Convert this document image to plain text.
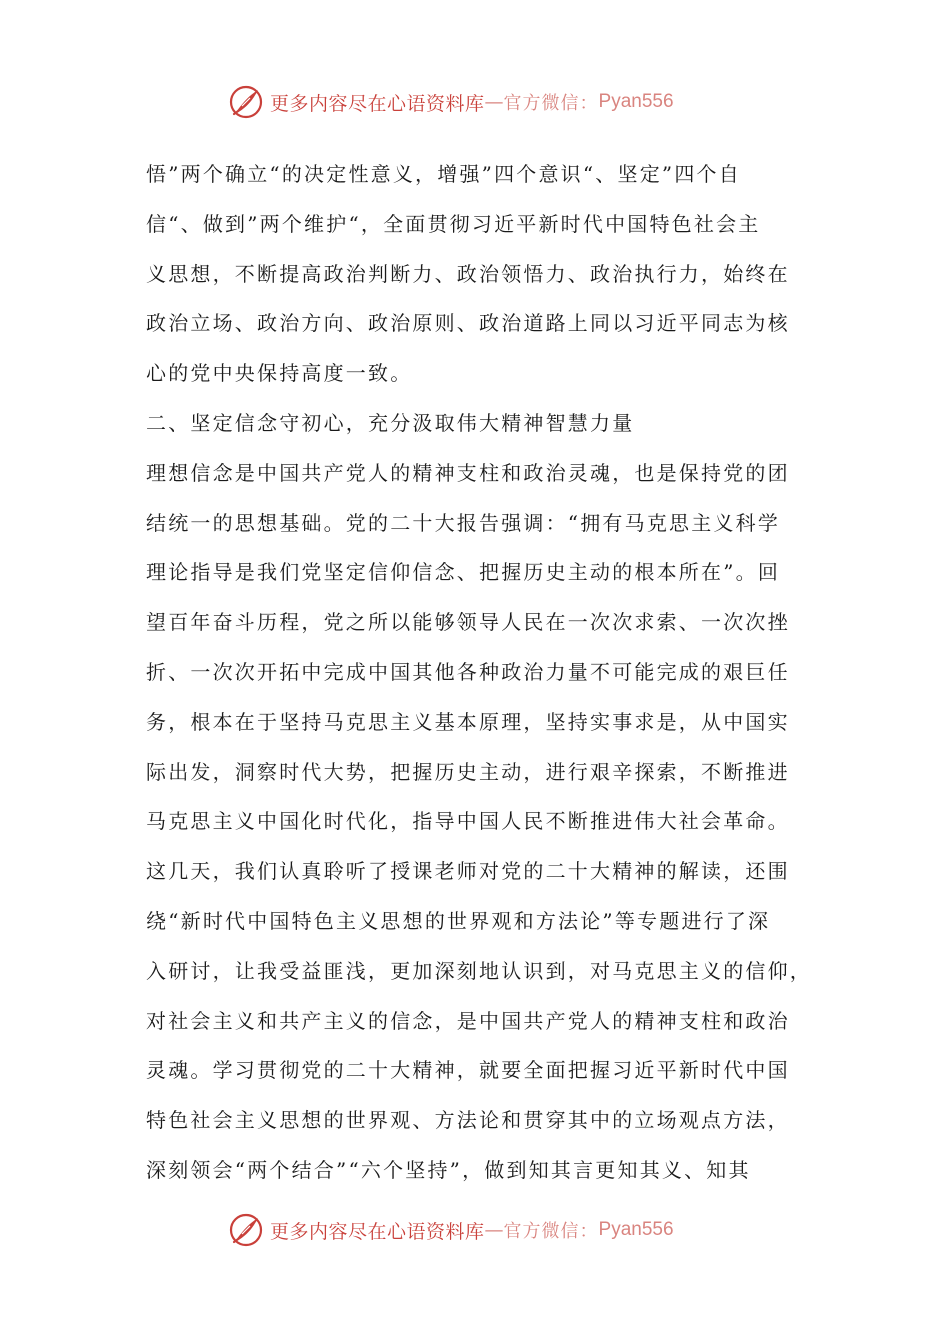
更多内容尽在心语资料库 — 官方微信： Pyan556

悟”两个确立“的决定性意义，增强”四个意识“、坚定”四个自

信“、做到”两个维护“，全面贯彻习近平新时代中国特色社会主

义思想，不断提高政治判断力、政治领悟力、政治执行力，始终在

政治立场、政治方向、政治原则、政治道路上同以习近平同志为核

心的党中央保持高度一致。

二、坚定信念守初心，充分汲取伟大精神智慧力量

理想信念是中国共产党人的精神支柱和政治灵魂，也是保持党的团

结统一的思想基础。党的二十大报告强调：“拥有马克思主义科学

理论指导是我们党坚定信仰信念、把握历史主动的根本所在”。回

望百年奋斗历程，党之所以能够领导人民在一次次求索、一次次挫

折、一次次开拓中完成中国其他各种政治力量不可能完成的艰巨任

务，根本在于坚持马克思主义基本原理，坚持实事求是，从中国实

际出发，洞察时代大势，把握历史主动，进行艰辛探索，不断推进

马克思主义中国化时代化，指导中国人民不断推进伟大社会革命。

这几天，我们认真聆听了授课老师对党的二十大精神的解读，还围

绕“新时代中国特色主义思想的世界观和方法论”等专题进行了深

入研讨，让我受益匪浅，更加深刻地认识到，对马克思主义的信仰，

对社会主义和共产主义的信念，是中国共产党人的精神支柱和政治

灵魂。学习贯彻党的二十大精神，就要全面把握习近平新时代中国

特色社会主义思想的世界观、方法论和贯穿其中的立场观点方法，

深刻领会“两个结合”“六个坚持”，做到知其言更知其义、知其

更多内容尽在心语资料库 — 官方微信： Pyan556
